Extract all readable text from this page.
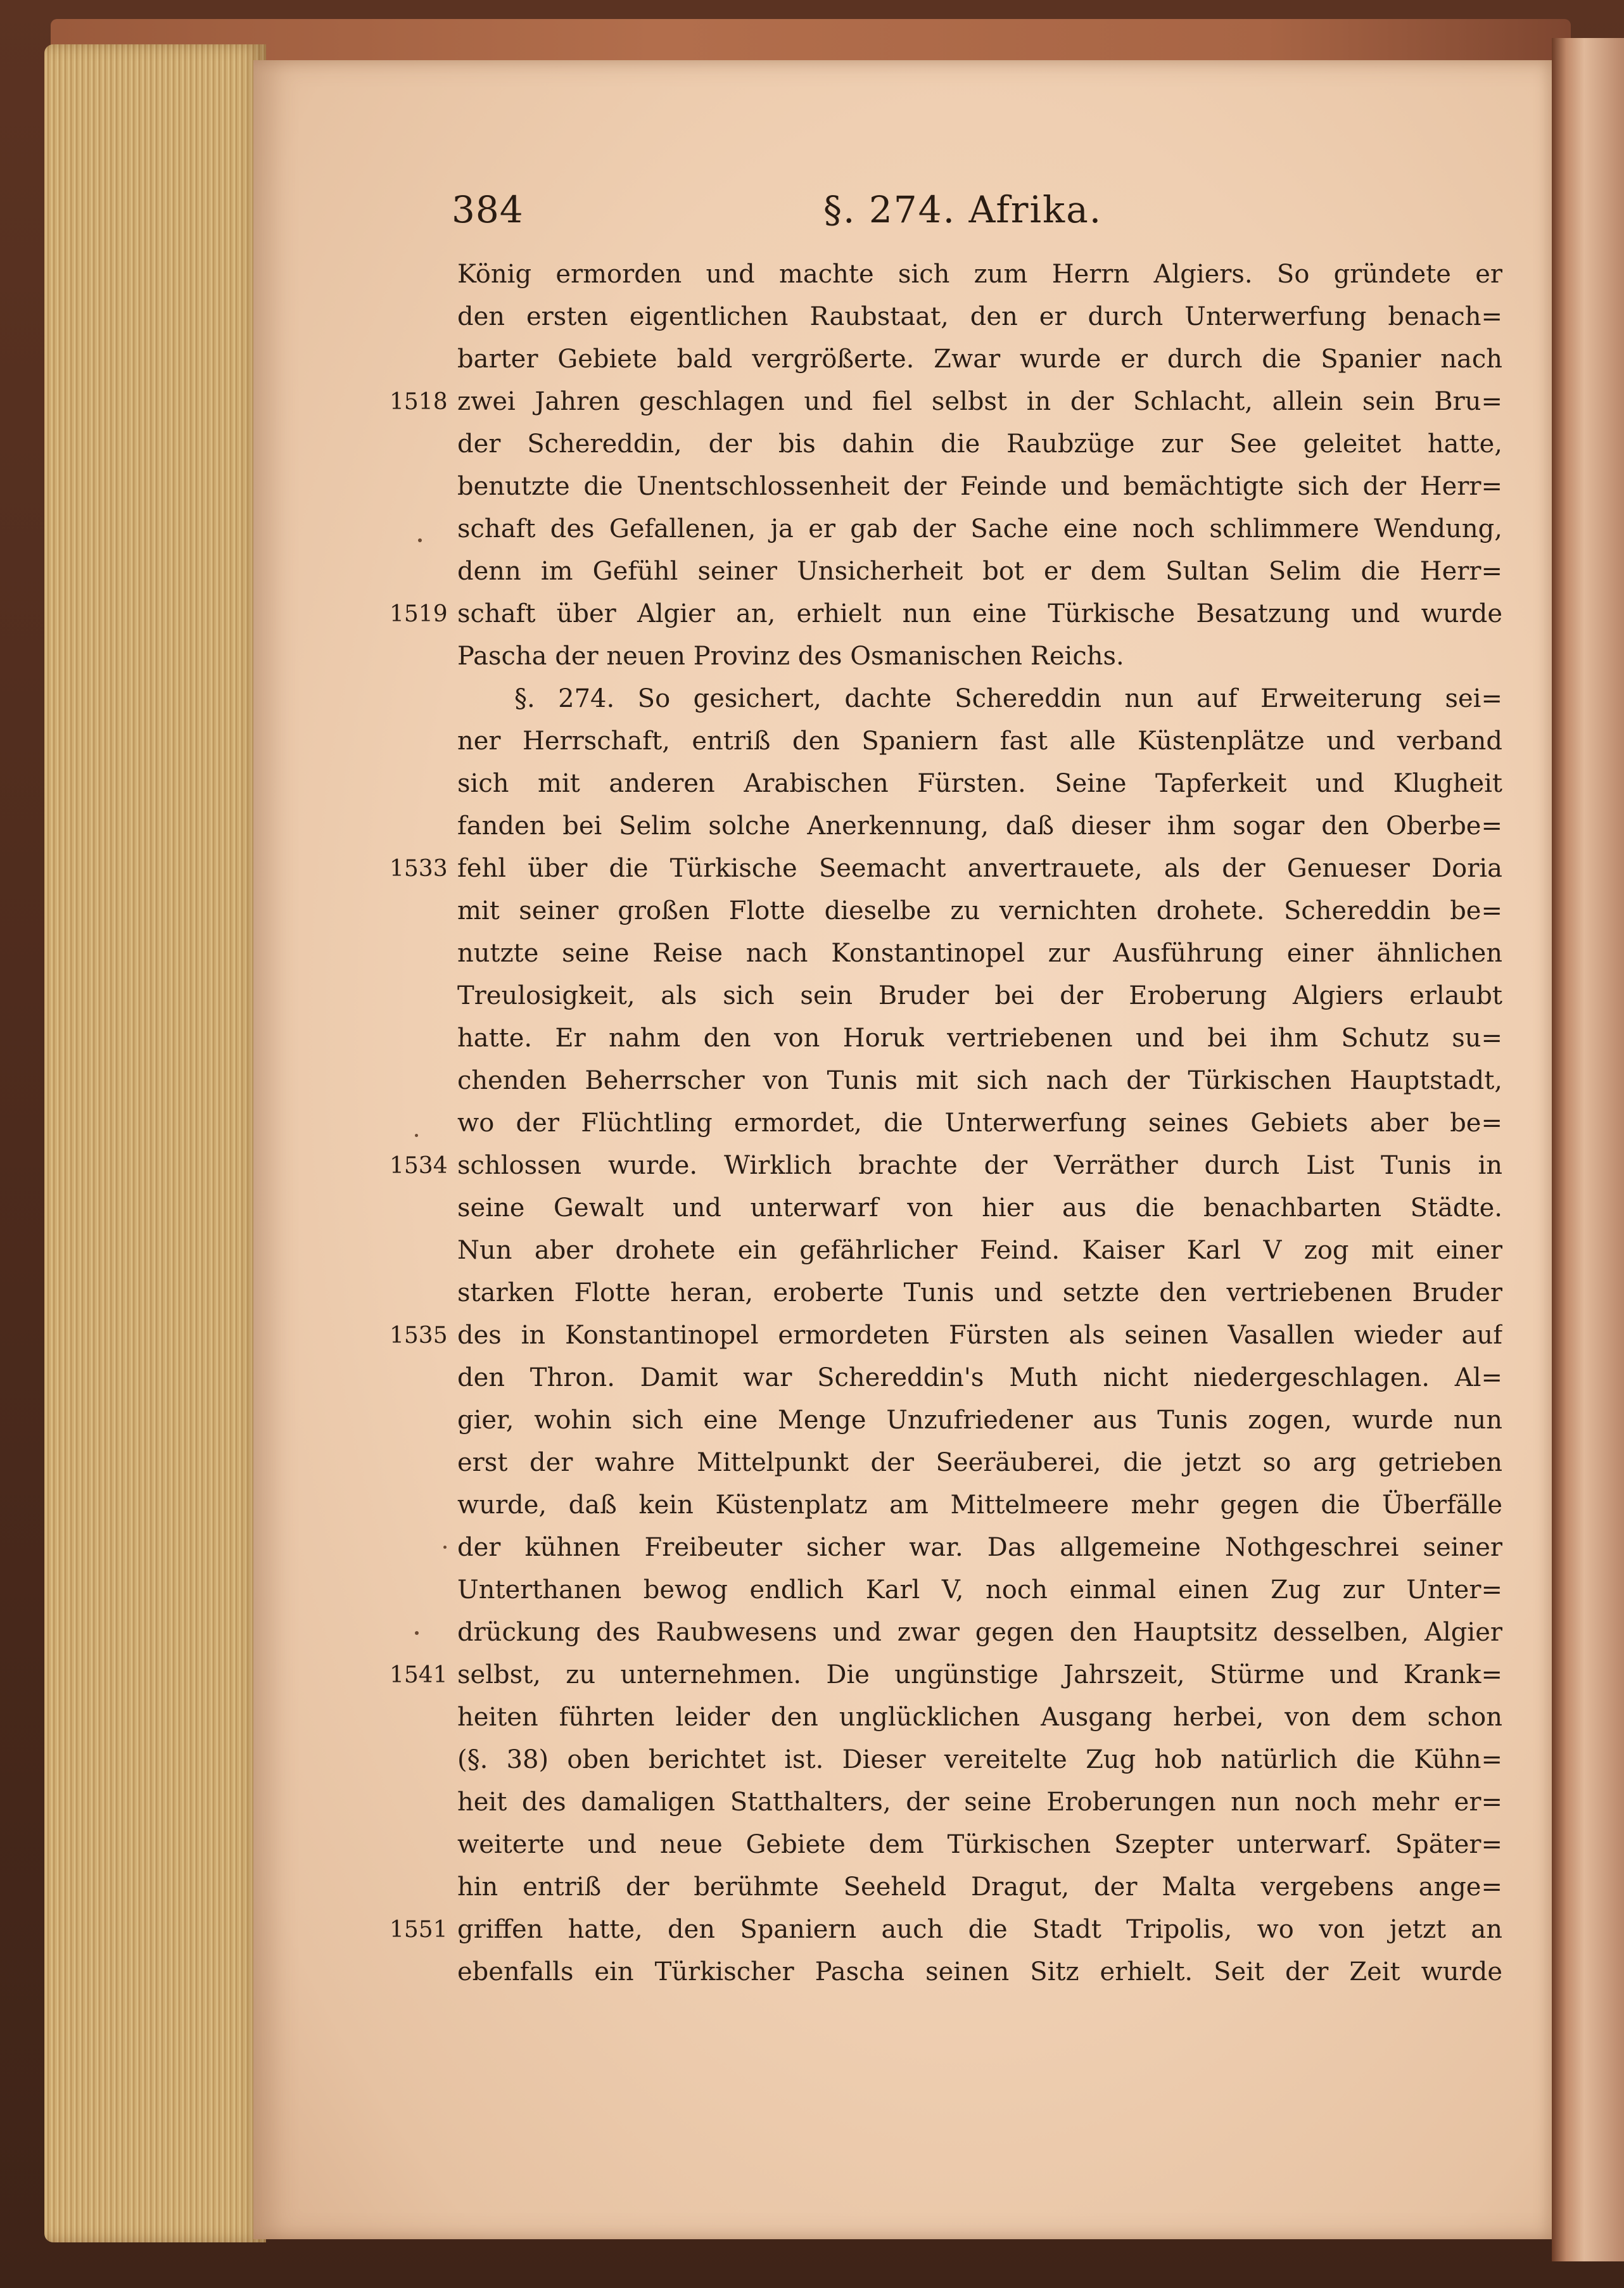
384	§. 274. Afrika.
1518
1519
1533
1534
1535
1541
1551
König ermorden und machte sich zum Herrn Algiers. So gründete er
den ersten eigentlichen Raubstaat, den er durch Unterwerfung benach=
barter Gebiete bald vergrößerte. Zwar wurde er durch die Spanier nach
zwei Jahren geschlagen und fiel selbst in der Schlacht, allein sein Bru=
der Schereddin, der bis dahin die Raubzüge zur See geleitet hatte,
benutzte die Unentschlossenheit der Feinde und bemächtigte sich der Herr=
schaft des Gefallenen, ja er gab der Sache eine noch schlimmere Wendung,
denn im Gefühl seiner Unsicherheit bot er dem Sultan Selim die Herr=
schaft über Algier an, erhielt nun eine Türkische Besatzung und wurde
Pascha der neuen Provinz des Osmanischen Reichs.
§. 274. So gesichert, dachte Schereddin nun auf Erweiterung sei=
ner Herrschaft, entriß den Spaniern fast alle Küstenplätze und verband
sich mit anderen Arabischen Fürsten. Seine Tapferkeit und Klugheit
fanden bei Selim solche Anerkennung, daß dieser ihm sogar den Oberbe=
fehl über die Türkische Seemacht anvertrauete, als der Genueser Doria
mit seiner großen Flotte dieselbe zu vernichten drohete. Schereddin be=
nutzte seine Reise nach Konstantinopel zur Ausführung einer ähnlichen
Treulosigkeit, als sich sein Bruder bei der Eroberung Algiers erlaubt
hatte. Er nahm den von Horuk vertriebenen und bei ihm Schutz su=
chenden Beherrscher von Tunis mit sich nach der Türkischen Hauptstadt,
wo der Flüchtling ermordet, die Unterwerfung seines Gebiets aber be=
schlossen wurde. Wirklich brachte der Verräther durch List Tunis in
seine Gewalt und unterwarf von hier aus die benachbarten Städte.
Nun aber drohete ein gefährlicher Feind. Kaiser Karl V zog mit einer
starken Flotte heran, eroberte Tunis und setzte den vertriebenen Bruder
des in Konstantinopel ermordeten Fürsten als seinen Vasallen wieder auf
den Thron. Damit war Schereddin's Muth nicht niedergeschlagen. Al=
gier, wohin sich eine Menge Unzufriedener aus Tunis zogen, wurde nun
erst der wahre Mittelpunkt der Seeräuberei, die jetzt so arg getrieben
wurde, daß kein Küstenplatz am Mittelmeere mehr gegen die Überfälle
der kühnen Freibeuter sicher war. Das allgemeine Nothgeschrei seiner
Unterthanen bewog endlich Karl V, noch einmal einen Zug zur Unter=
drückung des Raubwesens und zwar gegen den Hauptsitz desselben, Algier
selbst, zu unternehmen. Die ungünstige Jahrszeit, Stürme und Krank=
heiten führten leider den unglücklichen Ausgang herbei, von dem schon
(§. 38) oben berichtet ist. Dieser vereitelte Zug hob natürlich die Kühn=
heit des damaligen Statthalters, der seine Eroberungen nun noch mehr er=
weiterte und neue Gebiete dem Türkischen Szepter unterwarf. Später=
hin entriß der berühmte Seeheld Dragut, der Malta vergebens ange=
griffen hatte, den Spaniern auch die Stadt Tripolis, wo von jetzt an
ebenfalls ein Türkischer Pascha seinen Sitz erhielt. Seit der Zeit wurde
